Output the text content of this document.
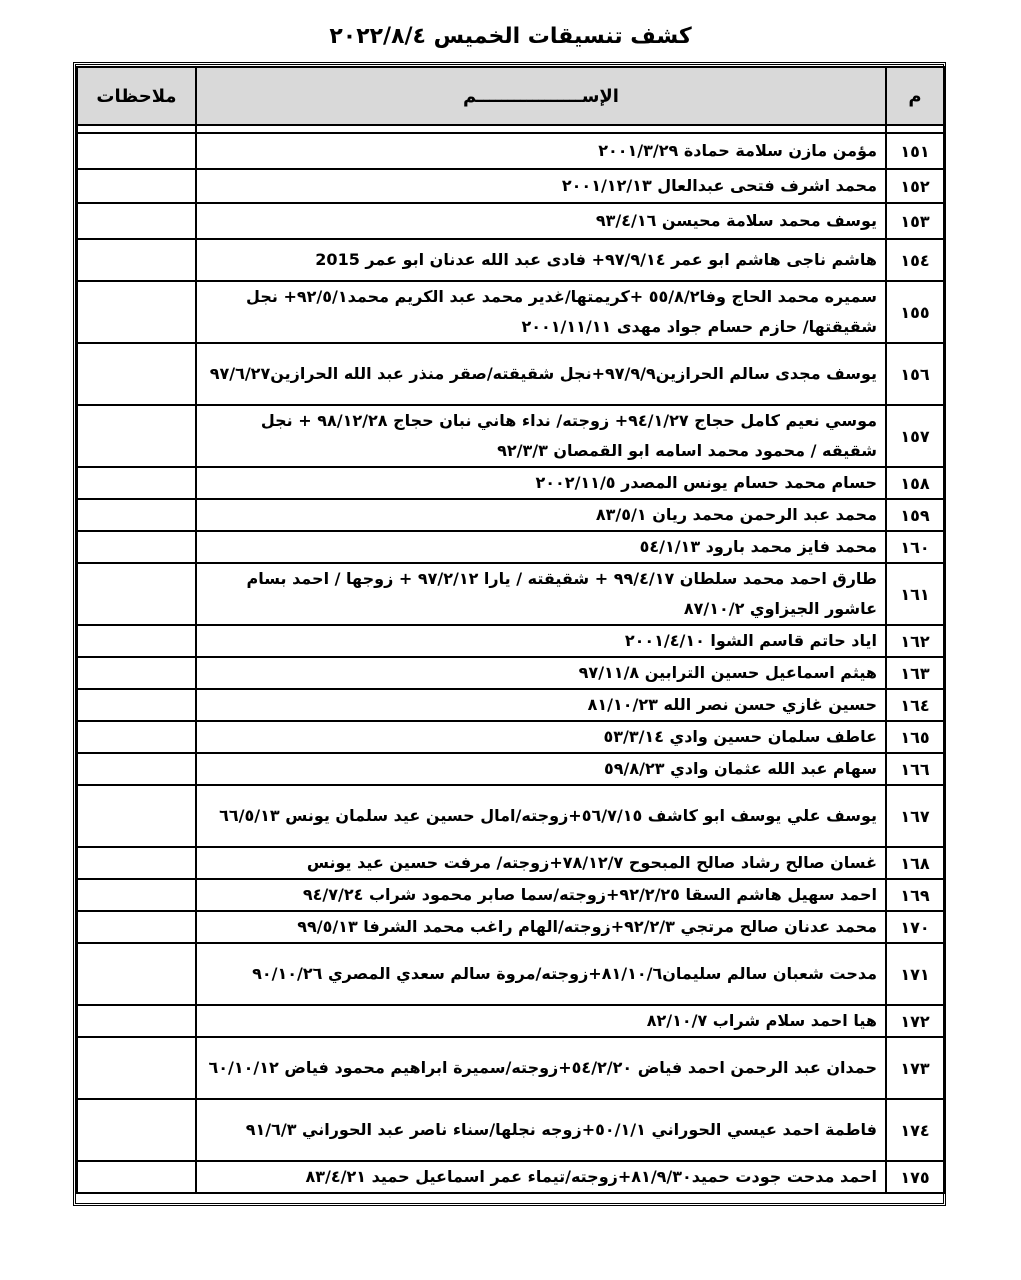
كشف تنسيقات الخميس ٢٠٢٢/٨/٤
م	الإســـــــــــــــــم	ملاحظات

١٥١	مؤمن مازن سلامة حمادة ٢٠٠١/٣/٢٩	
١٥٢	محمد اشرف فتحى عبدالعال ٢٠٠١/١٢/١٣	
١٥٣	يوسف محمد سلامة محيسن ٩٣/٤/١٦	
١٥٤	هاشم ناجى هاشم ابو عمر ٩٧/٩/١٤+ فادى عبد الله عدنان ابو عمر 2015	
١٥٥	سميره محمد الحاج وفا٥٥/٨/٢ +كريمتها/غدير محمد عبد الكريم محمد٩٢/٥/١+ نجل شقيقتها/ حازم حسام جواد مهدى ٢٠٠١/١١/١١	
١٥٦	يوسف مجدى سالم الحرازين٩٧/٩/٩+نجل شقيقته/صقر منذر عبد الله الحرازين٩٧/٦/٢٧	
١٥٧	موسي نعيم كامل حجاج ٩٤/١/٢٧+ زوجته/ نداء هاني نبان حجاج ٩٨/١٢/٢٨ + نجل شقيقه / محمود محمد اسامه ابو القمصان ٩٢/٣/٣	
١٥٨	حسام محمد حسام يونس المصدر ٢٠٠٢/١١/٥	
١٥٩	محمد عبد الرحمن محمد ريان ٨٣/٥/١	
١٦٠	محمد فايز محمد بارود ٥٤/١/١٣	
١٦١	طارق احمد محمد سلطان ٩٩/٤/١٧ + شقيقته / يارا ٩٧/٢/١٢ + زوجها / احمد بسام عاشور الجيزاوي ٨٧/١٠/٢	
١٦٢	اياد حاتم قاسم الشوا ٢٠٠١/٤/١٠	
١٦٣	هيثم اسماعيل حسين الترابين ٩٧/١١/٨	
١٦٤	حسين غازي حسن نصر الله ٨١/١٠/٢٣	
١٦٥	عاطف سلمان حسين وادي ٥٣/٣/١٤	
١٦٦	سهام عبد الله عثمان وادي ٥٩/٨/٢٣	
١٦٧	يوسف علي يوسف ابو كاشف ٥٦/٧/١٥+زوجته/امال حسين عيد سلمان يونس ٦٦/٥/١٣	
١٦٨	غسان صالح رشاد صالح المبحوح ٧٨/١٢/٧+زوجته/ مرفت حسين عيد يونس	
١٦٩	احمد سهيل هاشم السقا ٩٢/٢/٢٥+زوجته/سما صابر محمود شراب ٩٤/٧/٢٤	
١٧٠	محمد عدنان صالح مرتجي ٩٢/٢/٣+زوجته/الهام راغب محمد الشرفا ٩٩/٥/١٣	
١٧١	مدحت شعبان سالم سليمان٨١/١٠/٦+زوجته/مروة سالم سعدي المصري ٩٠/١٠/٢٦	
١٧٢	هيا احمد سلام شراب ٨٢/١٠/٧	
١٧٣	حمدان عبد الرحمن احمد فياض ٥٤/٢/٢٠+زوجته/سميرة ابراهيم محمود فياض ٦٠/١٠/١٢	
١٧٤	فاطمة احمد عيسي الحوراني ٥٠/١/١+زوجه نجلها/سناء ناصر عبد الحوراني ٩١/٦/٣	
١٧٥	احمد مدحت جودت حميد٨١/٩/٣٠+زوجته/تيماء عمر اسماعيل حميد ٨٣/٤/٢١	
